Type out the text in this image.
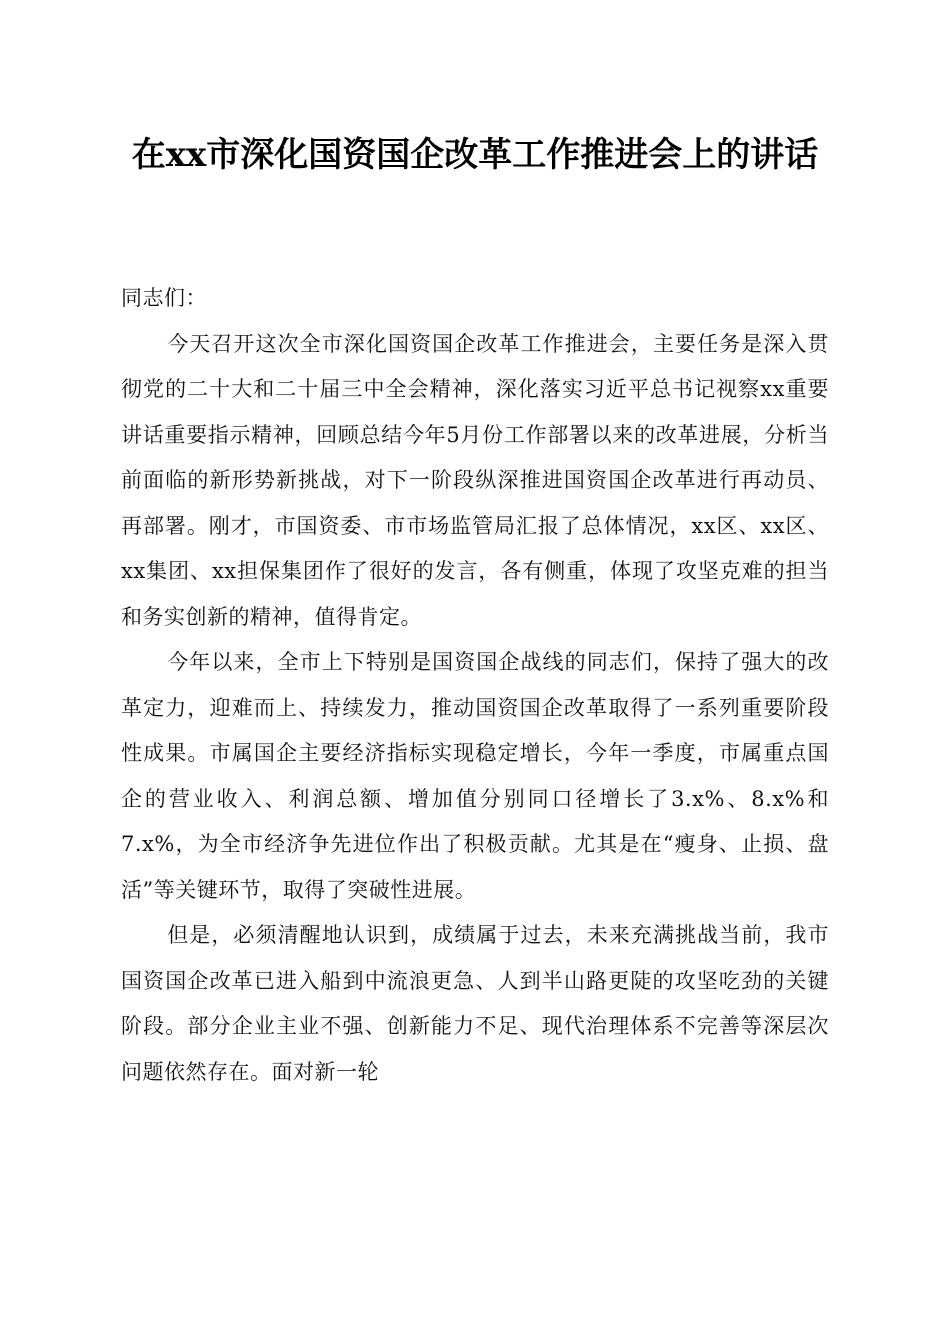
在xx市深化国资国企改革工作推进会上的讲话

同志们：

今天召开这次全市深化国资国企改革工作推进会，主要任务是深入贯彻党的二十大和二十届三中全会精神，深化落实习近平总书记视察xx重要讲话重要指示精神，回顾总结今年5月份工作部署以来的改革进展，分析当前面临的新形势新挑战，对下一阶段纵深推进国资国企改革进行再动员、再部署。刚才，市国资委、市市场监管局汇报了总体情况，xx区、xx区、xx集团、xx担保集团作了很好的发言，各有侧重，体现了攻坚克难的担当和务实创新的精神，值得肯定。

今年以来，全市上下特别是国资国企战线的同志们，保持了强大的改革定力，迎难而上、持续发力，推动国资国企改革取得了一系列重要阶段性成果。市属国企主要经济指标实现稳定增长，今年一季度，市属重点国企的营业收入、利润总额、增加值分别同口径增长了3.x%、8.x%和7.x%，为全市经济争先进位作出了积极贡献。尤其是在“瘦身、止损、盘活”等关键环节，取得了突破性进展。

但是，必须清醒地认识到，成绩属于过去，未来充满挑战当前，我市国资国企改革已进入船到中流浪更急、人到半山路更陡的攻坚吃劲的关键阶段。部分企业主业不强、创新能力不足、现代治理体系不完善等深层次问题依然存在。面对新一轮
